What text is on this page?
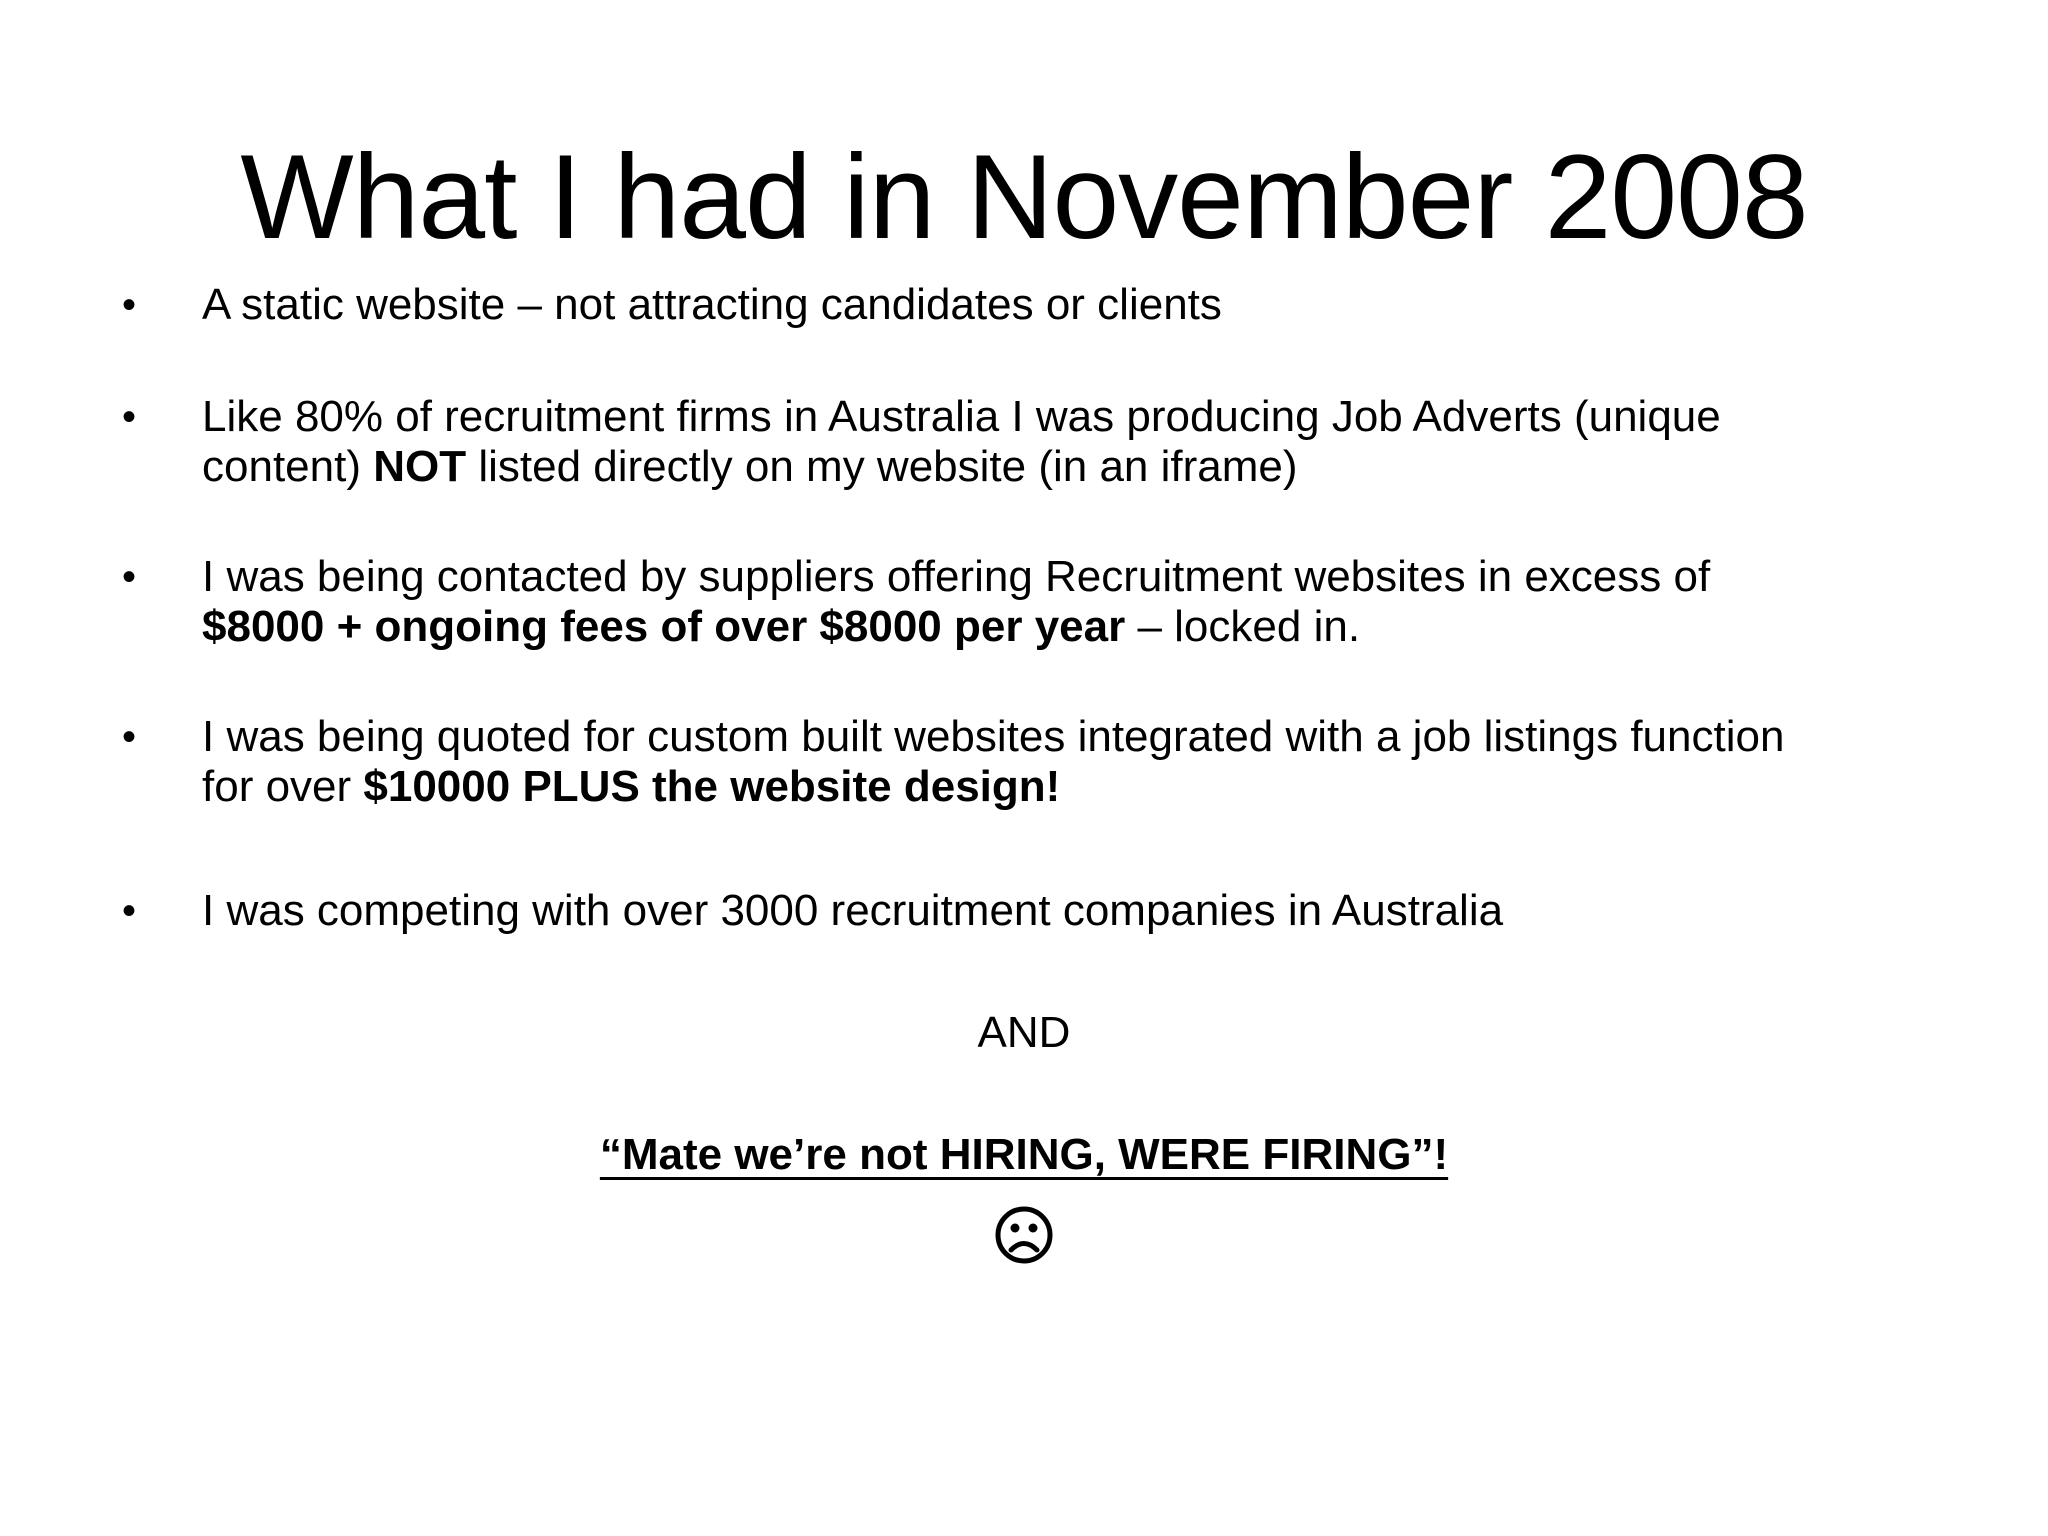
What I had in November 2008
• A static website – not attracting candidates or clients
• Like 80% of recruitment firms in Australia I was producing Job Adverts (unique
content) NOT listed directly on my website (in an iframe)
• I was being contacted by suppliers offering Recruitment websites in excess of
$8000 + ongoing fees of over $8000 per year – locked in.
• I was being quoted for custom built websites integrated with a job listings function
for over $10000 PLUS the website design!
• I was competing with over 3000 recruitment companies in Australia
AND
“Mate we’re not HIRING, WERE FIRING”!
